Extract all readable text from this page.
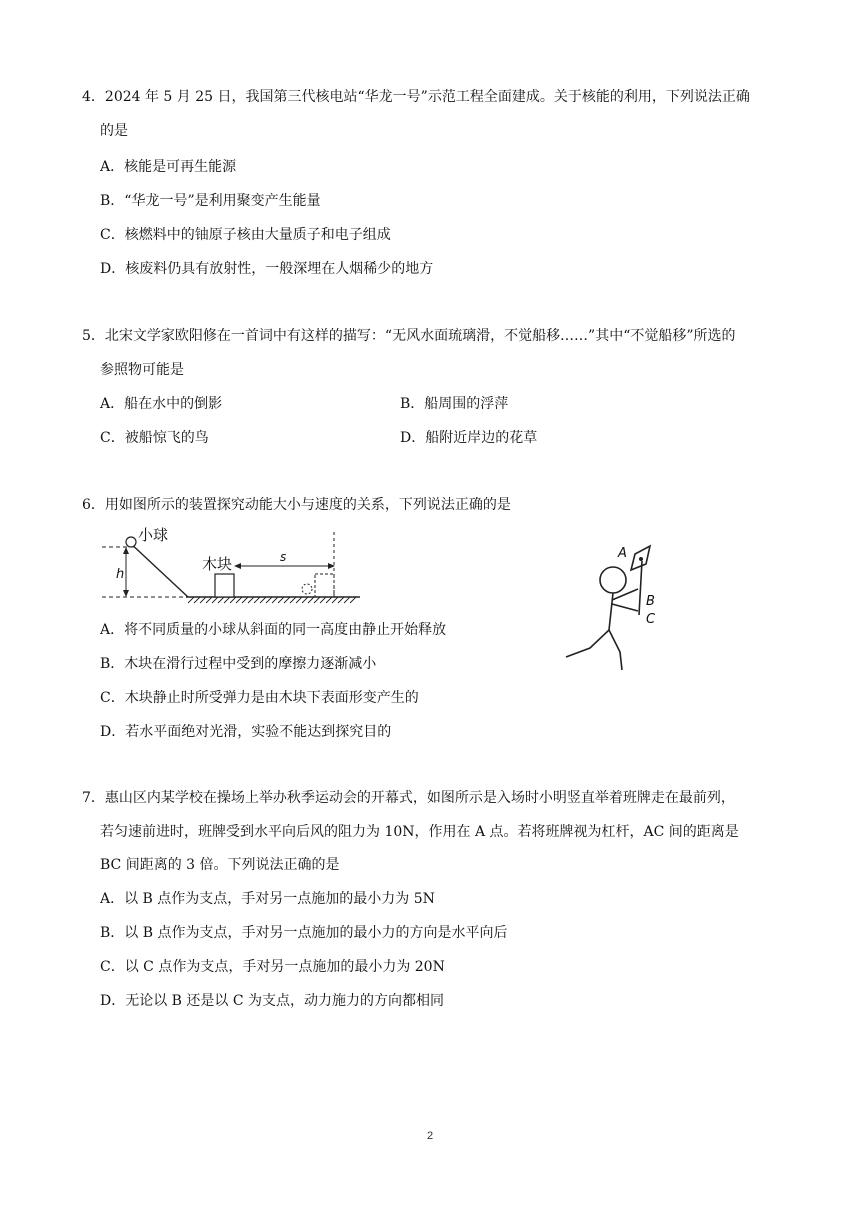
4．2024 年 5 月 25 日，我国第三代核电站“华龙一号”示范工程全面建成。关于核能的利用，下列说法正确
的是
A．核能是可再生能源
B．“华龙一号”是利用聚变产生能量
C．核燃料中的铀原子核由大量质子和电子组成
D．核废料仍具有放射性，一般深埋在人烟稀少的地方
5．北宋文学家欧阳修在一首词中有这样的描写：“无风水面琉璃滑，不觉船移……”其中“不觉船移”所选的
参照物可能是
A．船在水中的倒影	B．船周围的浮萍
C．被船惊飞的鸟	D．船附近岸边的花草
6．用如图所示的装置探究动能大小与速度的关系，下列说法正确的是
h
小球
木块	s
A．将不同质量的小球从斜面的同一高度由静止开始释放
B．木块在滑行过程中受到的摩擦力逐渐减小
C．木块静止时所受弹力是由木块下表面形变产生的
D．若水平面绝对光滑，实验不能达到探究目的
A
B
C
7．惠山区内某学校在操场上举办秋季运动会的开幕式，如图所示是入场时小明竖直举着班牌走在最前列，
若匀速前进时，班牌受到水平向后风的阻力为 10N，作用在 A 点。若将班牌视为杠杆，AC 间的距离是
BC 间距离的 3 倍。下列说法正确的是
A．以 B 点作为支点，手对另一点施加的最小力为 5N
B．以 B 点作为支点，手对另一点施加的最小力的方向是水平向后
C．以 C 点作为支点，手对另一点施加的最小力为 20N
D．无论以 B 还是以 C 为支点，动力施力的方向都相同
2
